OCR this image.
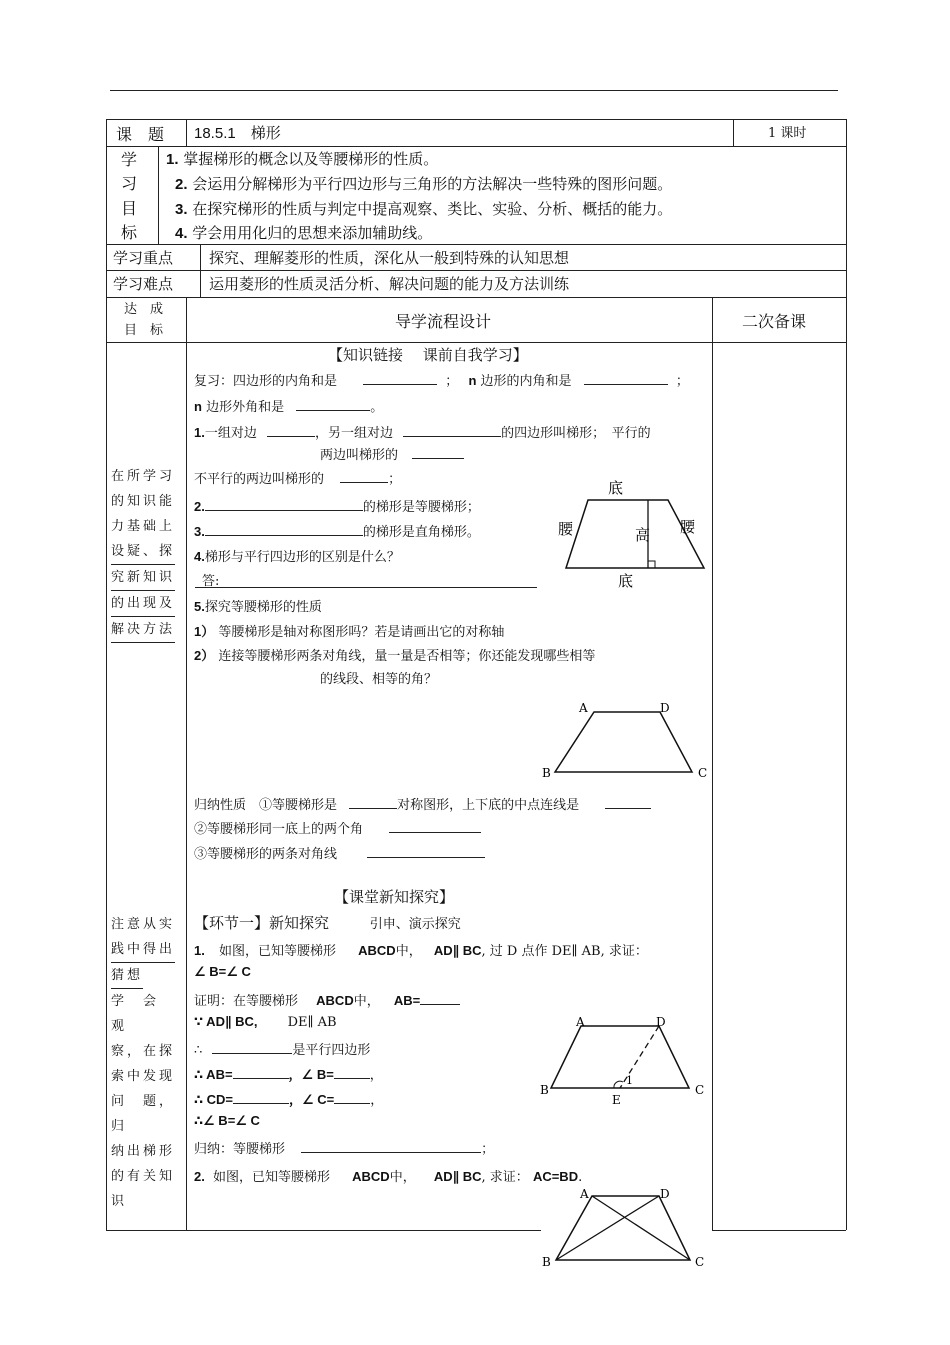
课　题 18.5.1　梯形	1 课时
学
习
目
标
1. 掌握梯形的概念以及等腰梯形的性质。
2. 会运用分解梯形为平行四边形与三角形的方法解决一些特殊的图形问题。
3. 在探究梯形的性质与判定中提高观察、类比、实验、分析、概括的能力。
4. 学会用用化归的思想来添加辅助线。
学习重点 探究、理解菱形的性质，深化从一般到特殊的认知思想
学习难点 运用菱形的性质灵活分析、解决问题的能力及方法训练
达　成
目　标	导学流程设计	二次备课
在所学习
的知识能
力基础上
设疑、探 究新知识 的出现及 解决方法
注意从实
践中得出 猜想
学　会　观
察，在探
索中发现
问　题，归
纳出梯形
的有关知
识
【知识链接　 课前自我学习】
复习：四边形的内角和是	； n 边形的内角和是	；
n 边形外角和是	。
1.一组对边	，另一组对边	的四边形叫梯形；　平行的
两边叫梯形的
不平行的两边叫梯形的	；
2.	的梯形是等腰梯形；
3.	的梯形是直角梯形。
4.梯形与平行四边形的区别是什么？
答:
5.探究等腰梯形的性质
1） 等腰梯形是轴对称图形吗？若是请画出它的对称轴
2） 连接等腰梯形两条对角线，量一量是否相等；你还能发现哪些相等
的线段、相等的角？
归纳性质　①等腰梯形是	对称图形，上下底的中点连线是
②等腰梯形同一底上的两个角
③等腰梯形的两条对角线
底
腰	高 腰
底
A	D
B	C
【课堂新知探究】
【环节一】新知探究	引申、演示探究
1. 如图，已知等腰梯形 ABCD中， AD∥ BC, 过 D 点作 DE∥ AB, 求证：
∠ B=∠ C
证明：在等腰梯形 ABCD中， AB=
∵ AD∥ BC, DE∥ AB
∴	是平行四边形
∴ AB=	，∠ B=	，
∴ CD=	，∠ C=	，
∴∠ B=∠ C
归纳：等腰梯形	；
2. 如图，已知等腰梯形 ABCD中， AD∥ BC, 求证： AC=BD.
A	D
B	C
E
1
A	D
B	C
